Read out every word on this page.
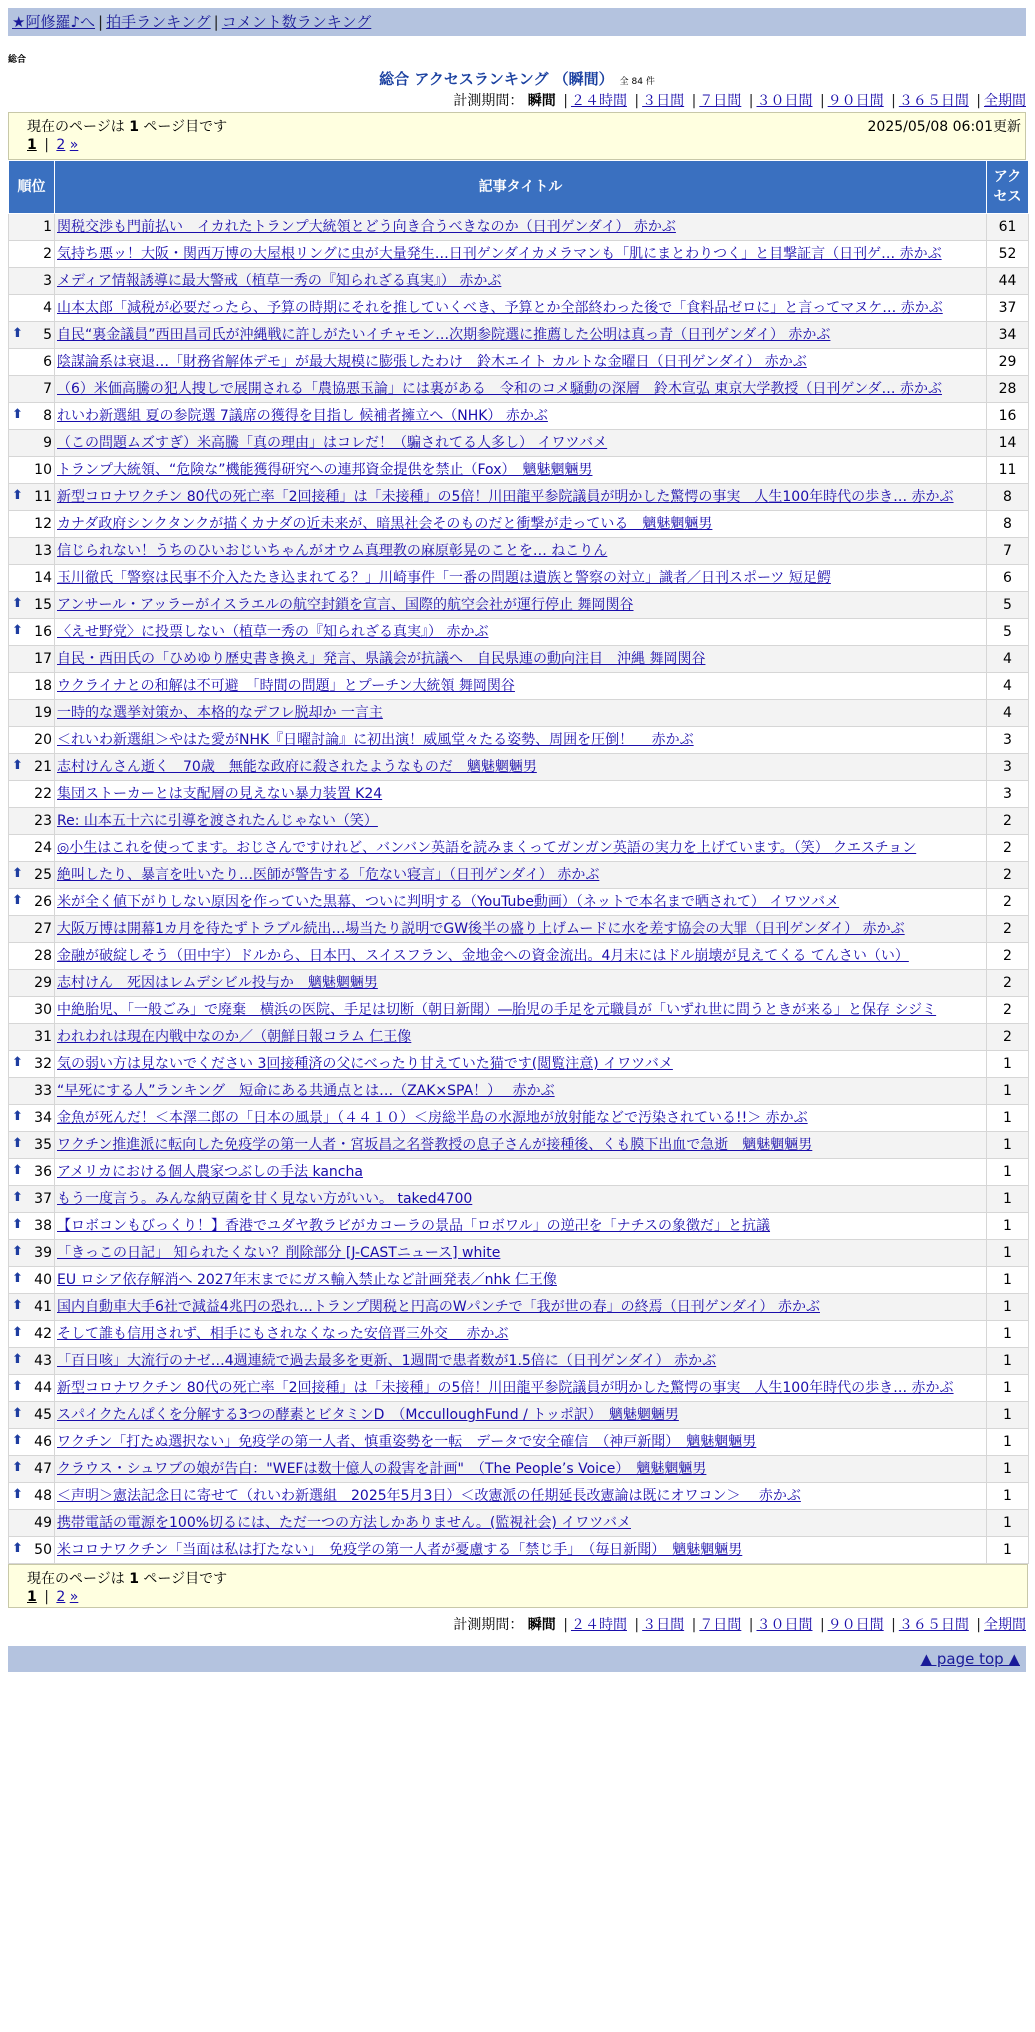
★阿修羅♪へ | 拍手ランキング | コメント数ランキング
総合
総合 アクセスランキング （瞬間） 全 84 件
計測期間： 瞬間 | ２４時間 | ３日間 | ７日間 | ３０日間 | ９０日間 | ３６５日間 | 全期間
現在のページは 1 ページ目です	2025/05/08 06:01更新
1 | 2 »
順位	記事タイトル	アクセス
1	関税交渉も門前払い　イカれたトランプ大統領とどう向き合うべきなのか（日刊ゲンダイ） 赤かぶ	61
2	気持ち悪ッ！大阪・関西万博の大屋根リングに虫が大量発生…日刊ゲンダイカメラマンも「肌にまとわりつく」と目撃証言（日刊ゲ… 赤かぶ	52
3	メディア情報誘導に最大警戒（植草一秀の『知られざる真実』） 赤かぶ	44
4	山本太郎「減税が必要だったら、予算の時期にそれを推していくべき、予算とか全部終わった後で「食料品ゼロに」と言ってマヌケ… 赤かぶ	37

⬆ 5	自民“裏金議員”西田昌司氏が沖縄戦に許しがたいイチャモン…次期参院選に推薦した公明は真っ青（日刊ゲンダイ） 赤かぶ	34
6	陰謀論系は衰退…「財務省解体デモ」が最大規模に膨張したわけ　鈴木エイト カルトな金曜日（日刊ゲンダイ） 赤かぶ	29
7	（6）米価高騰の犯人捜しで展開される「農協悪玉論」には裏がある　令和のコメ騒動の深層　鈴木宣弘 東京大学教授（日刊ゲンダ… 赤かぶ	28

⬆ 8	れいわ新選組 夏の参院選 7議席の獲得を目指し 候補者擁立へ（NHK） 赤かぶ	16
9	（この問題ムズすぎ）米高騰「真の理由」はコレだ！（騙されてる人多し） イワツバメ	14
10	トランプ大統領、“危険な”機能獲得研究への連邦資金提供を禁止（Fox）　魑魅魍魎男	11

⬆ 11	新型コロナワクチン 80代の死亡率「2回接種」は「未接種」の5倍！川田龍平参院議員が明かした驚愕の事実　人生100年時代の歩き… 赤かぶ	8
12	カナダ政府シンクタンクが描くカナダの近未来が、暗黒社会そのものだと衝撃が走っている　魑魅魍魎男	8
13	信じられない！うちのひいおじいちゃんがオウム真理教の麻原彰晃のことを… ねこりん	7
14	玉川徹氏「警察は民事不介入たたき込まれてる？」川崎事件「一番の問題は遺族と警察の対立」識者／日刊スポーツ 短足鰐	6

⬆ 15	アンサール・アッラーがイスラエルの航空封鎖を宣言、国際的航空会社が運行停止 舞岡関谷	5

⬆ 16	〈えせ野党〉に投票しない（植草一秀の『知られざる真実』） 赤かぶ	5
17	自民・西田氏の「ひめゆり歴史書き換え」発言、県議会が抗議へ　自民県連の動向注目　沖縄 舞岡関谷	4
18	ウクライナとの和解は不可避　「時間の問題」とプーチン大統領 舞岡関谷	4
19	一時的な選挙対策か、本格的なデフレ脱却か 一言主	4
20	＜れいわ新選組＞やはた愛がNHK『日曜討論』に初出演！威風堂々たる姿勢、周囲を圧倒！　 赤かぶ	3

⬆ 21	志村けんさん逝く　70歳　無能な政府に殺されたようなものだ　魑魅魍魎男	3
22	集団ストーカーとは支配層の見えない暴力装置 K24	3
23	Re: 山本五十六に引導を渡されたんじゃない（笑）	2
24	◎小生はこれを使ってます。おじさんですけれど、バンバン英語を読みまくってガンガン英語の実力を上げています。（笑） クエスチョン	2

⬆ 25	絶叫したり、暴言を吐いたり…医師が警告する「危ない寝言」（日刊ゲンダイ） 赤かぶ	2

⬆ 26	米が全く値下がりしない原因を作っていた黒幕、ついに判明する（YouTube動画）（ネットで本名まで晒されて） イワツバメ	2
27	大阪万博は開幕1カ月を待たずトラブル続出…場当たり説明でGW後半の盛り上げムードに水を差す協会の大罪（日刊ゲンダイ） 赤かぶ	2
28	金融が破綻しそう（田中宇）ドルから、日本円、スイスフラン、金地金への資金流出。4月末にはドル崩壊が見えてくる てんさい（い）	2
29	志村けん　死因はレムデシビル投与か　魑魅魍魎男	2
30	中絶胎児、「一般ごみ」で廃棄　横浜の医院、手足は切断（朝日新聞）―胎児の手足を元職員が「いずれ世に問うときが来る」と保存 シジミ	2
31	われわれは現在内戦中なのか／（朝鮮日報コラム 仁王像	2

⬆ 32	気の弱い方は見ないでください 3回接種済の父にべったり甘えていた猫です(閲覧注意) イワツバメ	1
33	“早死にする人”ランキング　短命にある共通点とは…（ZAK×SPA！）　 赤かぶ	1

⬆ 34	金魚が死んだ！＜本澤二郎の「日本の風景」（４４１０）＜房総半島の水源地が放射能などで汚染されている!!＞ 赤かぶ	1

⬆ 35	ワクチン推進派に転向した免疫学の第一人者・宮坂昌之名誉教授の息子さんが接種後、くも膜下出血で急逝　魑魅魍魎男	1

⬆ 36	アメリカにおける個人農家つぶしの手法 kancha	1

⬆ 37	もう一度言う。みんな納豆菌を甘く見ない方がいい。 taked4700	1

⬆ 38	【ロボコンもびっくり！】香港でユダヤ教ラビがカコーラの景品「ロボワル」の逆卍を「ナチスの象徴だ」と抗議	1

⬆ 39	「きっこの日記」 知られたくない？削除部分 [J-CASTニュース] white	1

⬆ 40	EU ロシア依存解消へ 2027年末までにガス輸入禁止など計画発表／nhk 仁王像	1

⬆ 41	国内自動車大手6社で減益4兆円の恐れ…トランプ関税と円高のWパンチで「我が世の春」の終焉（日刊ゲンダイ） 赤かぶ	1

⬆ 42	そして誰も信用されず、相手にもされなくなった安倍晋三外交　 赤かぶ	1

⬆ 43	「百日咳」大流行のナゼ…4週連続で過去最多を更新、1週間で患者数が1.5倍に（日刊ゲンダイ） 赤かぶ	1

⬆ 44	新型コロナワクチン 80代の死亡率「2回接種」は「未接種」の5倍！川田龍平参院議員が明かした驚愕の事実　人生100年時代の歩き… 赤かぶ	1

⬆ 45	スパイクたんぱくを分解する3つの酵素とビタミンD　（McculloughFund / トッポ訳）　魑魅魍魎男	1

⬆ 46	ワクチン「打たぬ選択ない」免疫学の第一人者、慎重姿勢を一転　データで安全確信　（神戸新聞）　魑魅魍魎男	1

⬆ 47	クラウス・シュワブの娘が告白："WEFは数十億人の殺害を計画"　（The People’s Voice）　魑魅魍魎男	1

⬆ 48	＜声明＞憲法記念日に寄せて（れいわ新選組　2025年5月3日）＜改憲派の任期延長改憲論は既にオワコン＞　 赤かぶ	1
49	携帯電話の電源を100%切るには、ただ一つの方法しかありません。(監視社会) イワツバメ	1

⬆ 50	米コロナワクチン「当面は私は打たない」　免疫学の第一人者が憂慮する「禁じ手」　（毎日新聞）　魑魅魍魎男	1
現在のページは 1 ページ目です
1 | 2 »
計測期間： 瞬間 | ２４時間 | ３日間 | ７日間 | ３０日間 | ９０日間 | ３６５日間 | 全期間
▲ page top ▲
